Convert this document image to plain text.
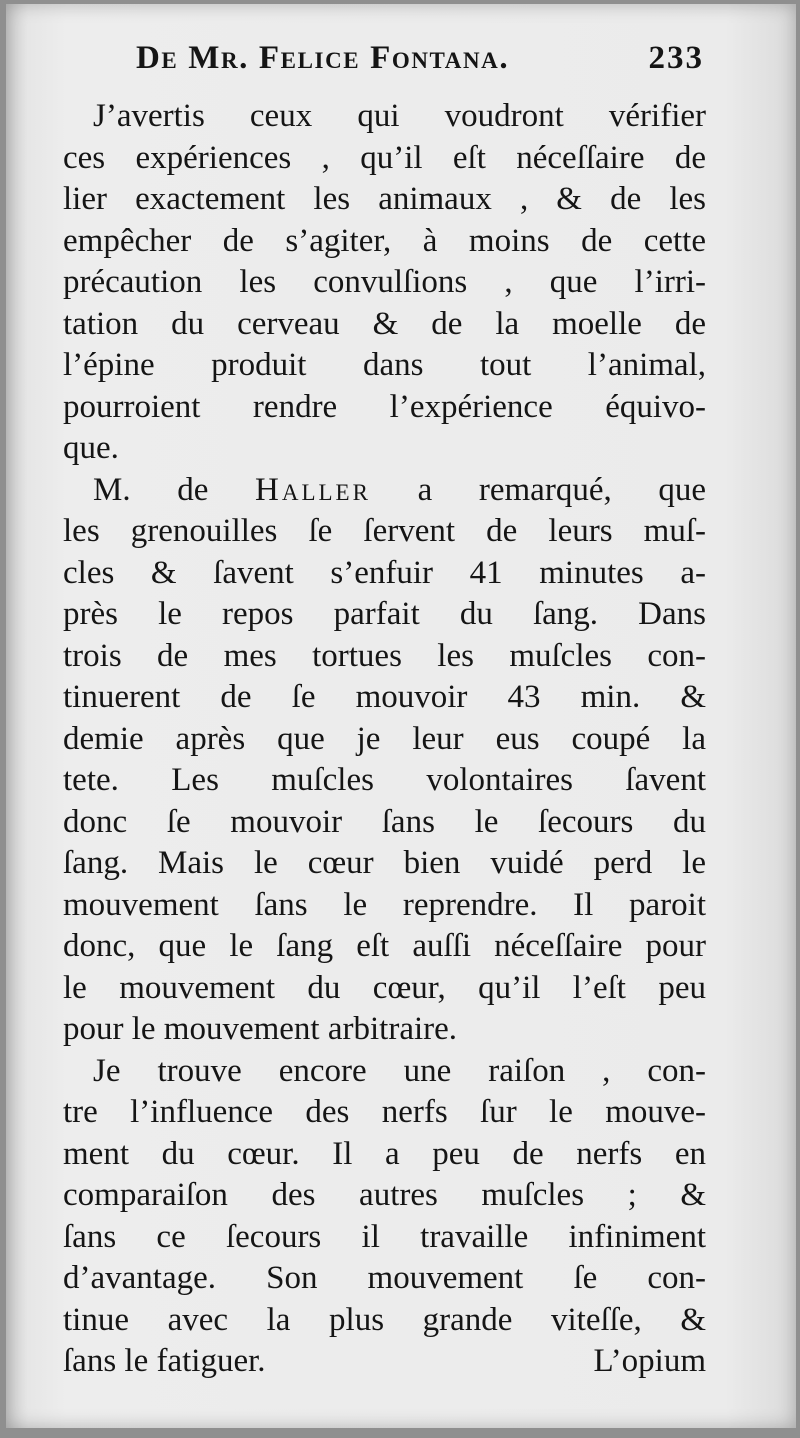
De Mr. Felice Fontana.	233
J’avertis ceux qui voudront vérifier
ces expériences , qu’il eſt néceſſaire de
lier exactement les animaux , & de les
empêcher de s’agiter, à moins de cette
précaution les convulſions , que l’irri-
tation du cerveau & de la moelle de
l’épine produit dans tout l’animal,
pourroient rendre l’expérience équivo-
que.
M. de Haller a remarqué, que
les grenouilles ſe ſervent de leurs muſ-
cles & ſavent s’enfuir 41 minutes a-
près le repos parfait du ſang. Dans
trois de mes tortues les muſcles con-
tinuerent de ſe mouvoir 43 min. &
demie après que je leur eus coupé la
tete. Les muſcles volontaires ſavent
donc ſe mouvoir ſans le ſecours du
ſang. Mais le cœur bien vuidé perd le
mouvement ſans le reprendre. Il paroit
donc, que le ſang eſt auſſi néceſſaire pour
le mouvement du cœur, qu’il l’eſt peu
pour le mouvement arbitraire.
Je trouve encore une raiſon , con-
tre l’influence des nerfs ſur le mouve-
ment du cœur. Il a peu de nerfs en
comparaiſon des autres muſcles ; &
ſans ce ſecours il travaille infiniment
d’avantage. Son mouvement ſe con-
tinue avec la plus grande viteſſe, &
ſans le fatiguer.	L’opium
